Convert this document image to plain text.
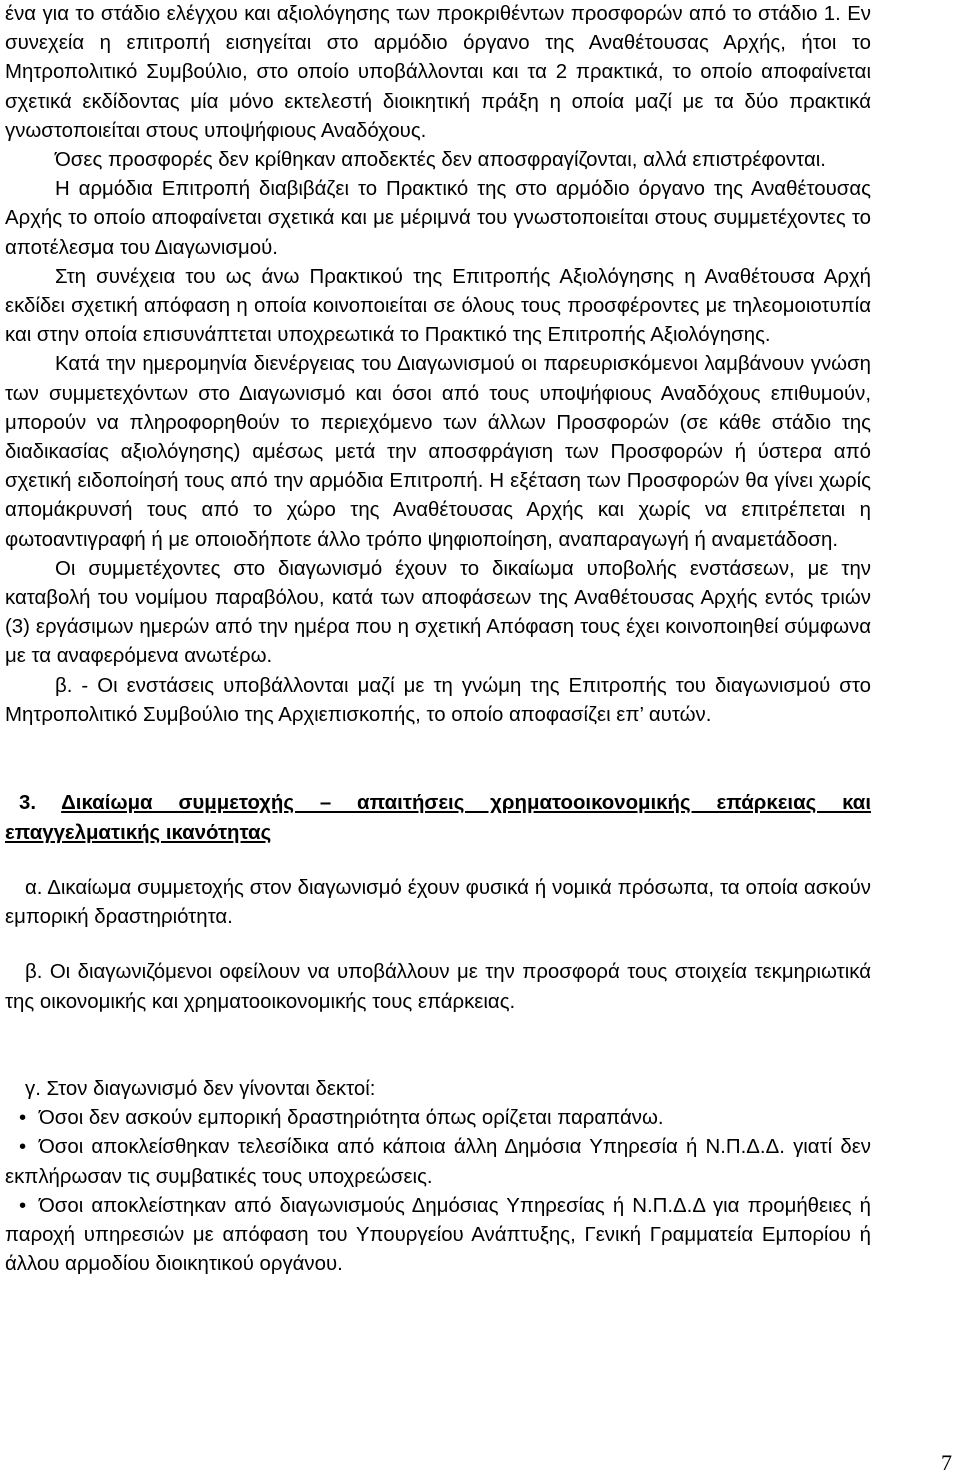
ένα για το στάδιο ελέγχου και αξιολόγησης των προκριθέντων προσφορών από το στάδιο 1. Εν συνεχεία η επιτροπή εισηγείται στο αρμόδιο όργανο της Αναθέτουσας Αρχής, ήτοι το Μητροπολιτικό Συμβούλιο, στο οποίο υποβάλλονται και τα 2 πρακτικά, το οποίο αποφαίνεται σχετικά εκδίδοντας μία μόνο εκτελεστή διοικητική πράξη η οποία μαζί με τα δύο πρακτικά γνωστοποιείται στους υποψήφιους Αναδόχους.

Όσες προσφορές δεν κρίθηκαν αποδεκτές δεν αποσφραγίζονται, αλλά επιστρέφονται.

Η αρμόδια Επιτροπή διαβιβάζει το Πρακτικό της στο αρμόδιο όργανο της Αναθέτουσας Αρχής το οποίο αποφαίνεται σχετικά και με μέριμνά του γνωστοποιείται στους συμμετέχοντες το αποτέλεσμα του Διαγωνισμού.

Στη συνέχεια του ως άνω Πρακτικού της Επιτροπής Αξιολόγησης η Αναθέτουσα Αρχή εκδίδει σχετική απόφαση η οποία κοινοποιείται σε όλους τους προσφέροντες με τηλεομοιοτυπία και στην οποία επισυνάπτεται υποχρεωτικά το Πρακτικό της Επιτροπής Αξιολόγησης.

Κατά την ημερομηνία διενέργειας του Διαγωνισμού οι παρευρισκόμενοι λαμβάνουν γνώση των συμμετεχόντων στο Διαγωνισμό και όσοι από τους υποψήφιους Αναδόχους επιθυμούν, μπορούν να πληροφορηθούν το περιεχόμενο των άλλων Προσφορών (σε κάθε στάδιο της διαδικασίας αξιολόγησης) αμέσως μετά την αποσφράγιση των Προσφορών ή ύστερα από σχετική ειδοποίησή τους από την αρμόδια Επιτροπή. Η εξέταση των Προσφορών θα γίνει χωρίς απομάκρυνσή τους από το χώρο της Αναθέτουσας Αρχής και χωρίς να επιτρέπεται η φωτοαντιγραφή ή με οποιοδήποτε άλλο τρόπο ψηφιοποίηση, αναπαραγωγή ή αναμετάδοση.

Οι συμμετέχοντες στο διαγωνισμό έχουν το δικαίωμα υποβολής ενστάσεων, με την καταβολή του νομίμου παραβόλου, κατά των αποφάσεων της Αναθέτουσας Αρχής εντός τριών (3) εργάσιμων ημερών από την ημέρα που η σχετική Απόφαση τους έχει κοινοποιηθεί σύμφωνα με τα αναφερόμενα ανωτέρω.

β. - Οι ενστάσεις υποβάλλονται μαζί με τη γνώμη της Επιτροπής του διαγωνισμού στο Μητροπολιτικό Συμβούλιο της Αρχιεπισκοπής, το οποίο αποφασίζει επ’ αυτών.

3. Δικαίωμα συμμετοχής – απαιτήσεις χρηματοοικονομικής επάρκειας και επαγγελματικής ικανότητας

α. Δικαίωμα συμμετοχής στον διαγωνισμό έχουν φυσικά ή νομικά πρόσωπα, τα οποία ασκούν εμπορική δραστηριότητα.

β. Οι διαγωνιζόμενοι οφείλουν να υποβάλλουν με την προσφορά τους στοιχεία τεκμηριωτικά της οικονομικής και χρηματοοικονομικής τους επάρκειας.

γ. Στον διαγωνισμό δεν γίνονται δεκτοί:

• Όσοι δεν ασκούν εμπορική δραστηριότητα όπως ορίζεται παραπάνω.

• Όσοι αποκλείσθηκαν τελεσίδικα από κάποια άλλη Δημόσια Υπηρεσία ή Ν.Π.Δ.Δ. γιατί δεν εκπλήρωσαν τις συμβατικές τους υποχρεώσεις.

• Όσοι αποκλείστηκαν από διαγωνισμούς Δημόσιας Υπηρεσίας ή Ν.Π.Δ.Δ για προμήθειες ή παροχή υπηρεσιών με απόφαση του Υπουργείου Ανάπτυξης, Γενική Γραμματεία Εμπορίου ή άλλου αρμοδίου διοικητικού οργάνου.

7
